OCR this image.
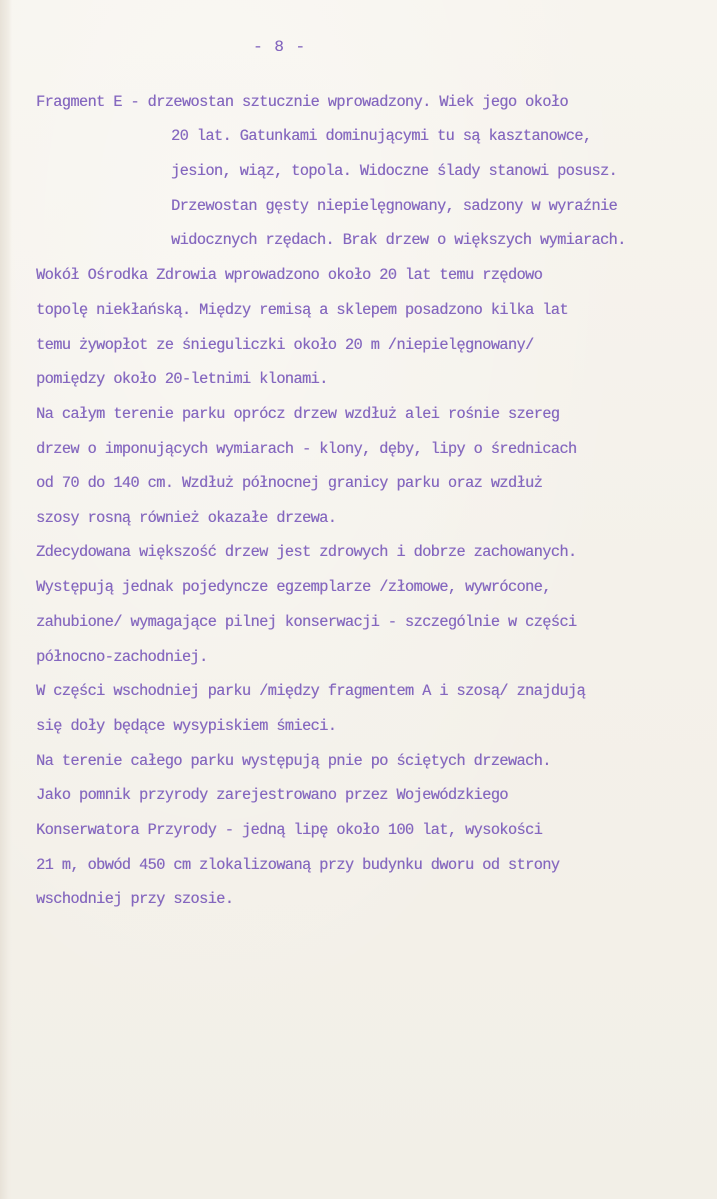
- 8 -

Fragment E - drzewostan sztucznie wprowadzony. Wiek jego około

20 lat. Gatunkami dominującymi tu są kasztanowce,

jesion, wiąz, topola. Widoczne ślady stanowi posusz.

Drzewostan gęsty niepielęgnowany, sadzony w wyraźnie

widocznych rzędach. Brak drzew o większych wymiarach.

Wokół Ośrodka Zdrowia wprowadzono około 20 lat temu rzędowo

topolę niekłańską. Między remisą a sklepem posadzono kilka lat

temu żywopłot ze śnieguliczki około 20 m /niepielęgnowany/

pomiędzy około 20-letnimi klonami.

Na całym terenie parku oprócz drzew wzdłuż alei rośnie szereg

drzew o imponujących wymiarach - klony, dęby, lipy o średnicach

od 70 do 140 cm. Wzdłuż północnej granicy parku oraz wzdłuż

szosy rosną również okazałe drzewa.

Zdecydowana większość drzew jest zdrowych i dobrze zachowanych.

Występują jednak pojedyncze egzemplarze /złomowe, wywrócone,

zahubione/ wymagające pilnej konserwacji - szczególnie w części

północno-zachodniej.

W części wschodniej parku /między fragmentem A i szosą/ znajdują

się doły będące wysypiskiem śmieci.

Na terenie całego parku występują pnie po ściętych drzewach.

Jako pomnik przyrody zarejestrowano przez Wojewódzkiego

Konserwatora Przyrody - jedną lipę około 100 lat, wysokości

21 m, obwód 450 cm zlokalizowaną przy budynku dworu od strony

wschodniej przy szosie.
